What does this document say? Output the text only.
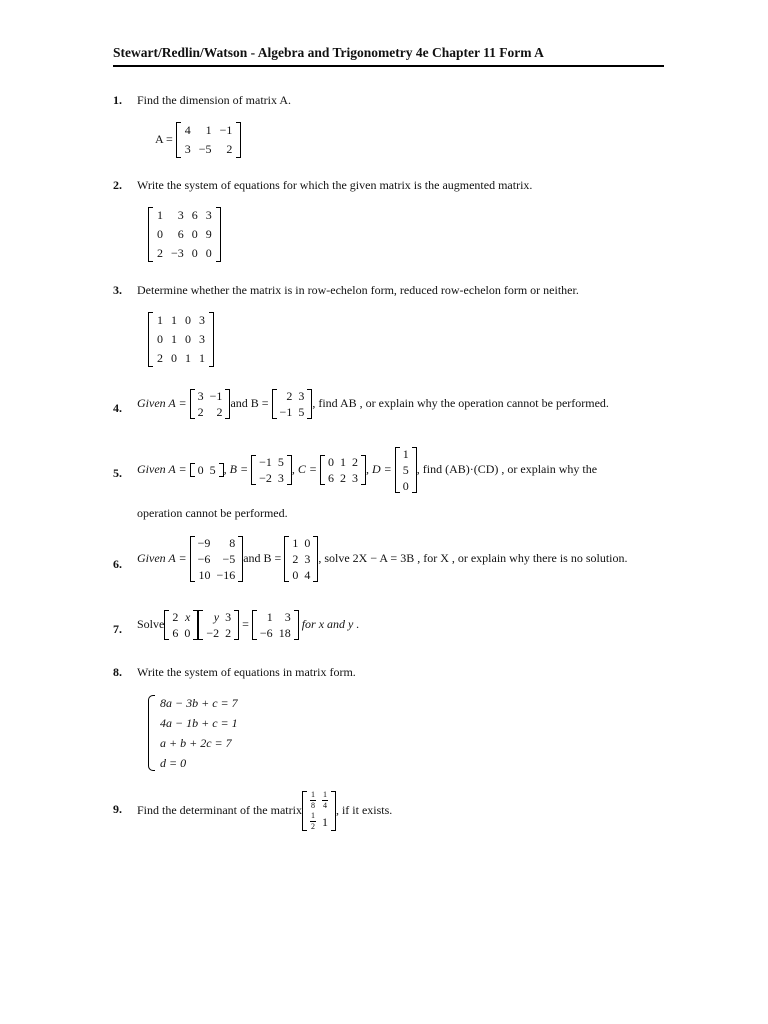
Stewart/Redlin/Watson - Algebra and Trigonometry 4e Chapter 11 Form A
1. Find the dimension of matrix A.
A =
4	1	−1
3	−5	2
2. Write the system of equations for which the given matrix is the augmented matrix.
1	3	6	3
0	6	0	9
2	−3	0	0
3. Determine whether the matrix is in row-echelon form, reduced row-echelon form or neither.
1	1	0	3
0	1	0	3
2	0	1	1
4. Given A = 3	−1
2	2
and B = 2	3
−1	5
, find AB , or explain why the operation cannot be performed.
5. Given A = 0	5 , B = −1	5
−2	3
, C = 0	1	2
6	2	3
, D =
1
5
0
, find (AB)·(CD) , or explain why the
operation cannot be performed.
6. Given A =
−9	8
−6	−5
10	−16
and B =
1	0
2	3
0	4
, solve 2X − A = 3B , for X , or explain why there is no solution.
7. Solve 2	x
6	0
y	3
−2	2
= 1	3
−6	18
for x and y .
8. Write the system of equations in matrix form.
8a − 3b + c = 7
4a − 1b + c = 1
a + b + 2c = 7
d = 0
9. Find the determinant of the matrix $\frac{1}{8}$	$\frac{1}{4}$

$\frac{1}{2}$	1
, if it exists.
